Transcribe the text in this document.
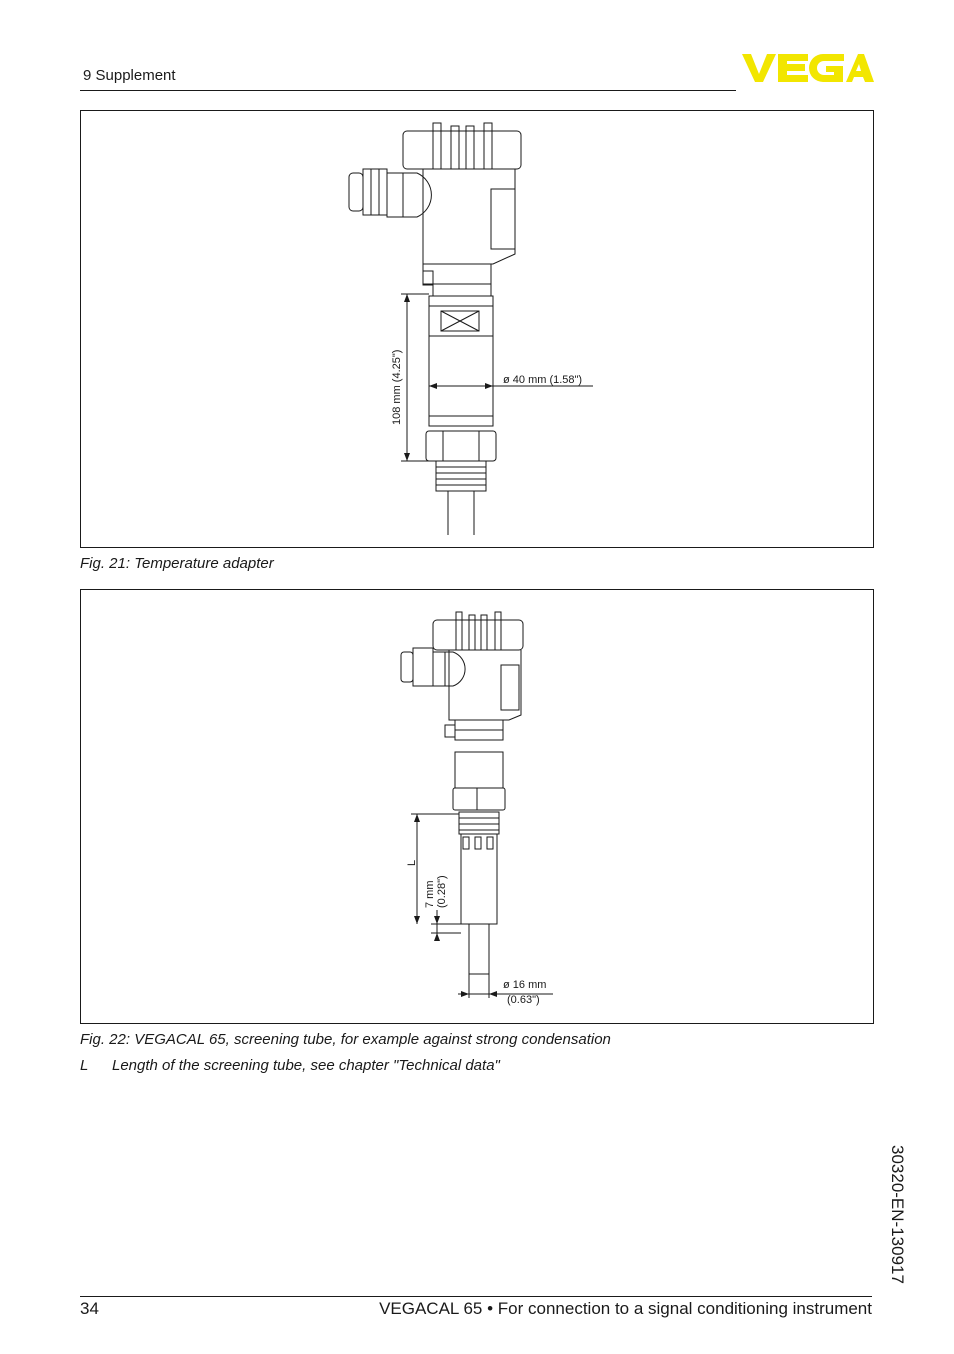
9 Supplement
108 mm (4.25")	ø 40 mm (1.58")
Fig. 21: Temperature adapter
L
7 mm (0.28")
ø 16 mm
(0.63")
Fig. 22: VEGACAL 65, screening tube, for example against strong condensation
L Length of the screening tube, see chapter "Technical data"
30320-EN-130917
34	VEGACAL 65 • For connection to a signal conditioning instrument
